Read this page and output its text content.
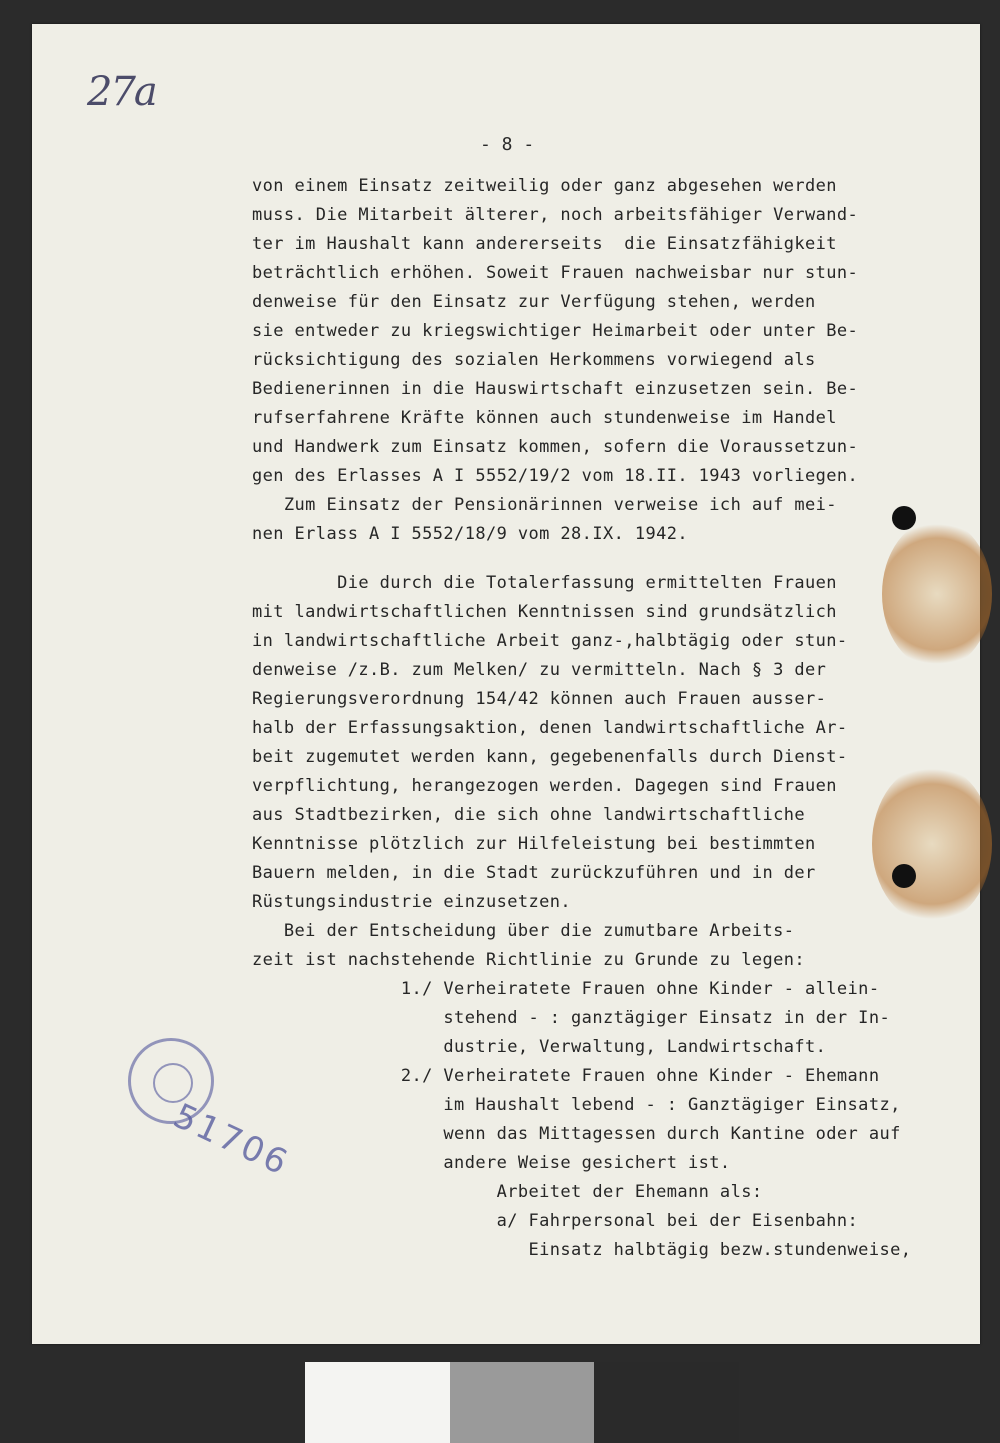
27a
- 8 -
von einem Einsatz zeitweilig oder ganz abgesehen werden
muss. Die Mitarbeit älterer, noch arbeitsfähiger Verwand-
ter im Haushalt kann andererseits  die Einsatzfähigkeit
beträchtlich erhöhen. Soweit Frauen nachweisbar nur stun-
denweise für den Einsatz zur Verfügung stehen, werden
sie entweder zu kriegswichtiger Heimarbeit oder unter Be-
rücksichtigung des sozialen Herkommens vorwiegend als
Bedienerinnen in die Hauswirtschaft einzusetzen sein. Be-
rufserfahrene Kräfte können auch stundenweise im Handel
und Handwerk zum Einsatz kommen, sofern die Voraussetzun-
gen des Erlasses A I 5552/19/2 vom 18.II. 1943 vorliegen.
Zum Einsatz der Pensionärinnen verweise ich auf mei-
nen Erlass A I 5552/18/9 vom 28.IX. 1942.
Die durch die Totalerfassung ermittelten Frauen
mit landwirtschaftlichen Kenntnissen sind grundsätzlich
in landwirtschaftliche Arbeit ganz-,halbtägig oder stun-
denweise /z.B. zum Melken/ zu vermitteln. Nach § 3 der
Regierungsverordnung 154/42 können auch Frauen ausser-
halb der Erfassungsaktion, denen landwirtschaftliche Ar-
beit zugemutet werden kann, gegebenenfalls durch Dienst-
verpflichtung, herangezogen werden. Dagegen sind Frauen
aus Stadtbezirken, die sich ohne landwirtschaftliche
Kenntnisse plötzlich zur Hilfeleistung bei bestimmten
Bauern melden, in die Stadt zurückzuführen und in der
Rüstungsindustrie einzusetzen.
Bei der Entscheidung über die zumutbare Arbeits-
zeit ist nachstehende Richtlinie zu Grunde zu legen:
1./ Verheiratete Frauen ohne Kinder - allein-
stehend - : ganztägiger Einsatz in der In-
dustrie, Verwaltung, Landwirtschaft.
2./ Verheiratete Frauen ohne Kinder - Ehemann
im Haushalt lebend - : Ganztägiger Einsatz,
wenn das Mittagessen durch Kantine oder auf
andere Weise gesichert ist.
Arbeitet der Ehemann als:
a/ Fahrpersonal bei der Eisenbahn:
Einsatz halbtägig bezw.stundenweise,
51706
